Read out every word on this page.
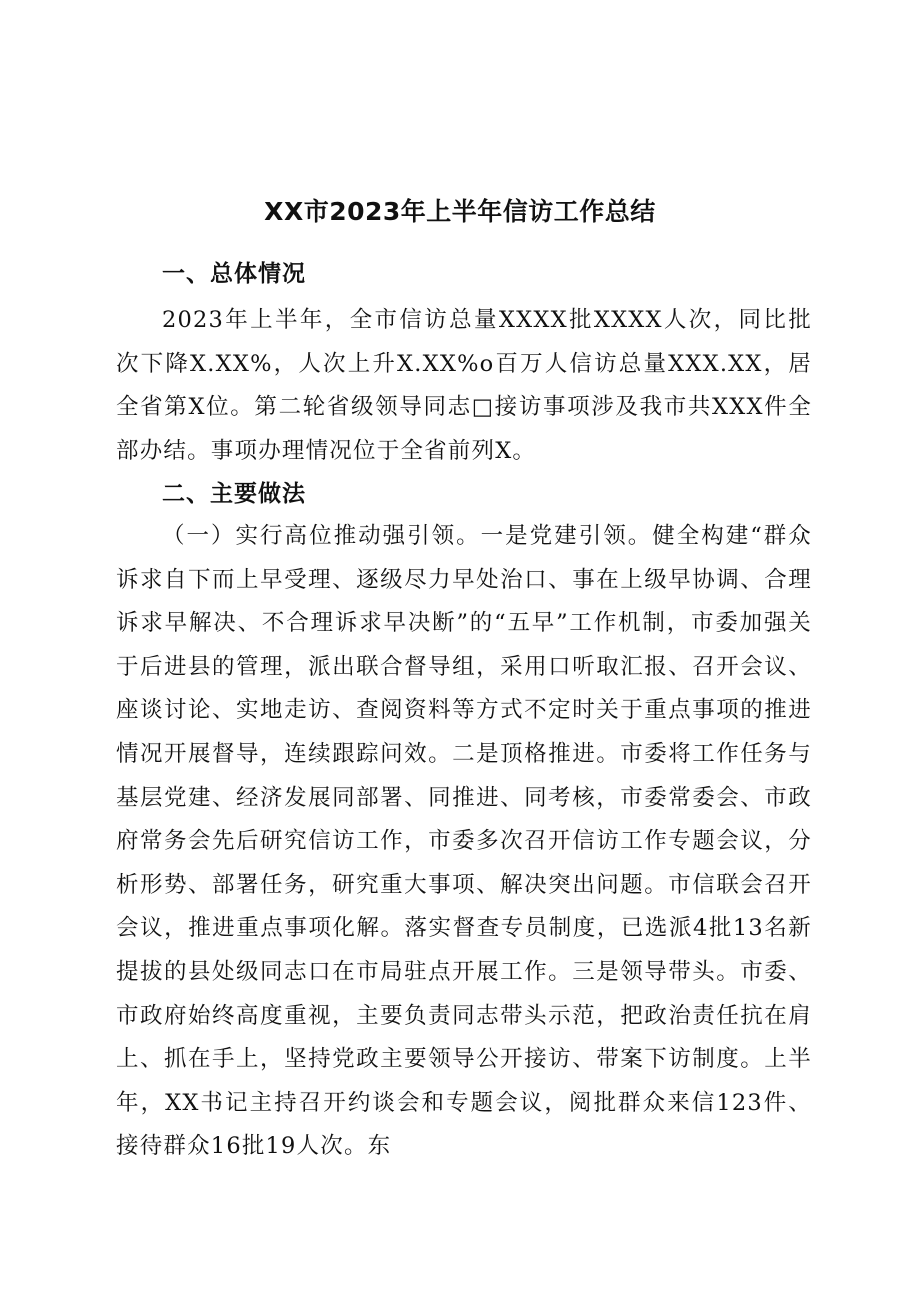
XX市2023年上半年信访工作总结
一、总体情况

2023年上半年，全市信访总量XXXX批XXXX人次，同比批次下降X.XX%，人次上升X.XX%o百万人信访总量XXX.XX，居全省第X位。第二轮省级领导同志□接访事项涉及我市共XXX件全部办结。事项办理情况位于全省前列X。

二、主要做法

（一）实行高位推动强引领。一是党建引领。健全构建“群众诉求自下而上早受理、逐级尽力早处治口、事在上级早协调、合理诉求早解决、不合理诉求早决断”的“五早”工作机制，市委加强关于后进县的管理，派出联合督导组，采用口听取汇报、召开会议、座谈讨论、实地走访、查阅资料等方式不定时关于重点事项的推进情况开展督导，连续跟踪问效。二是顶格推进。市委将工作任务与基层党建、经济发展同部署、同推进、同考核，市委常委会、市政府常务会先后研究信访工作，市委多次召开信访工作专题会议，分析形势、部署任务，研究重大事项、解决突出问题。市信联会召开会议，推进重点事项化解。落实督查专员制度，已选派4批13名新提拔的县处级同志口在市局驻点开展工作。三是领导带头。市委、市政府始终高度重视，主要负责同志带头示范，把政治责任抗在肩上、抓在手上，坚持党政主要领导公开接访、带案下访制度。上半年，XX书记主持召开约谈会和专题会议，阅批群众来信123件、接待群众16批19人次。东
